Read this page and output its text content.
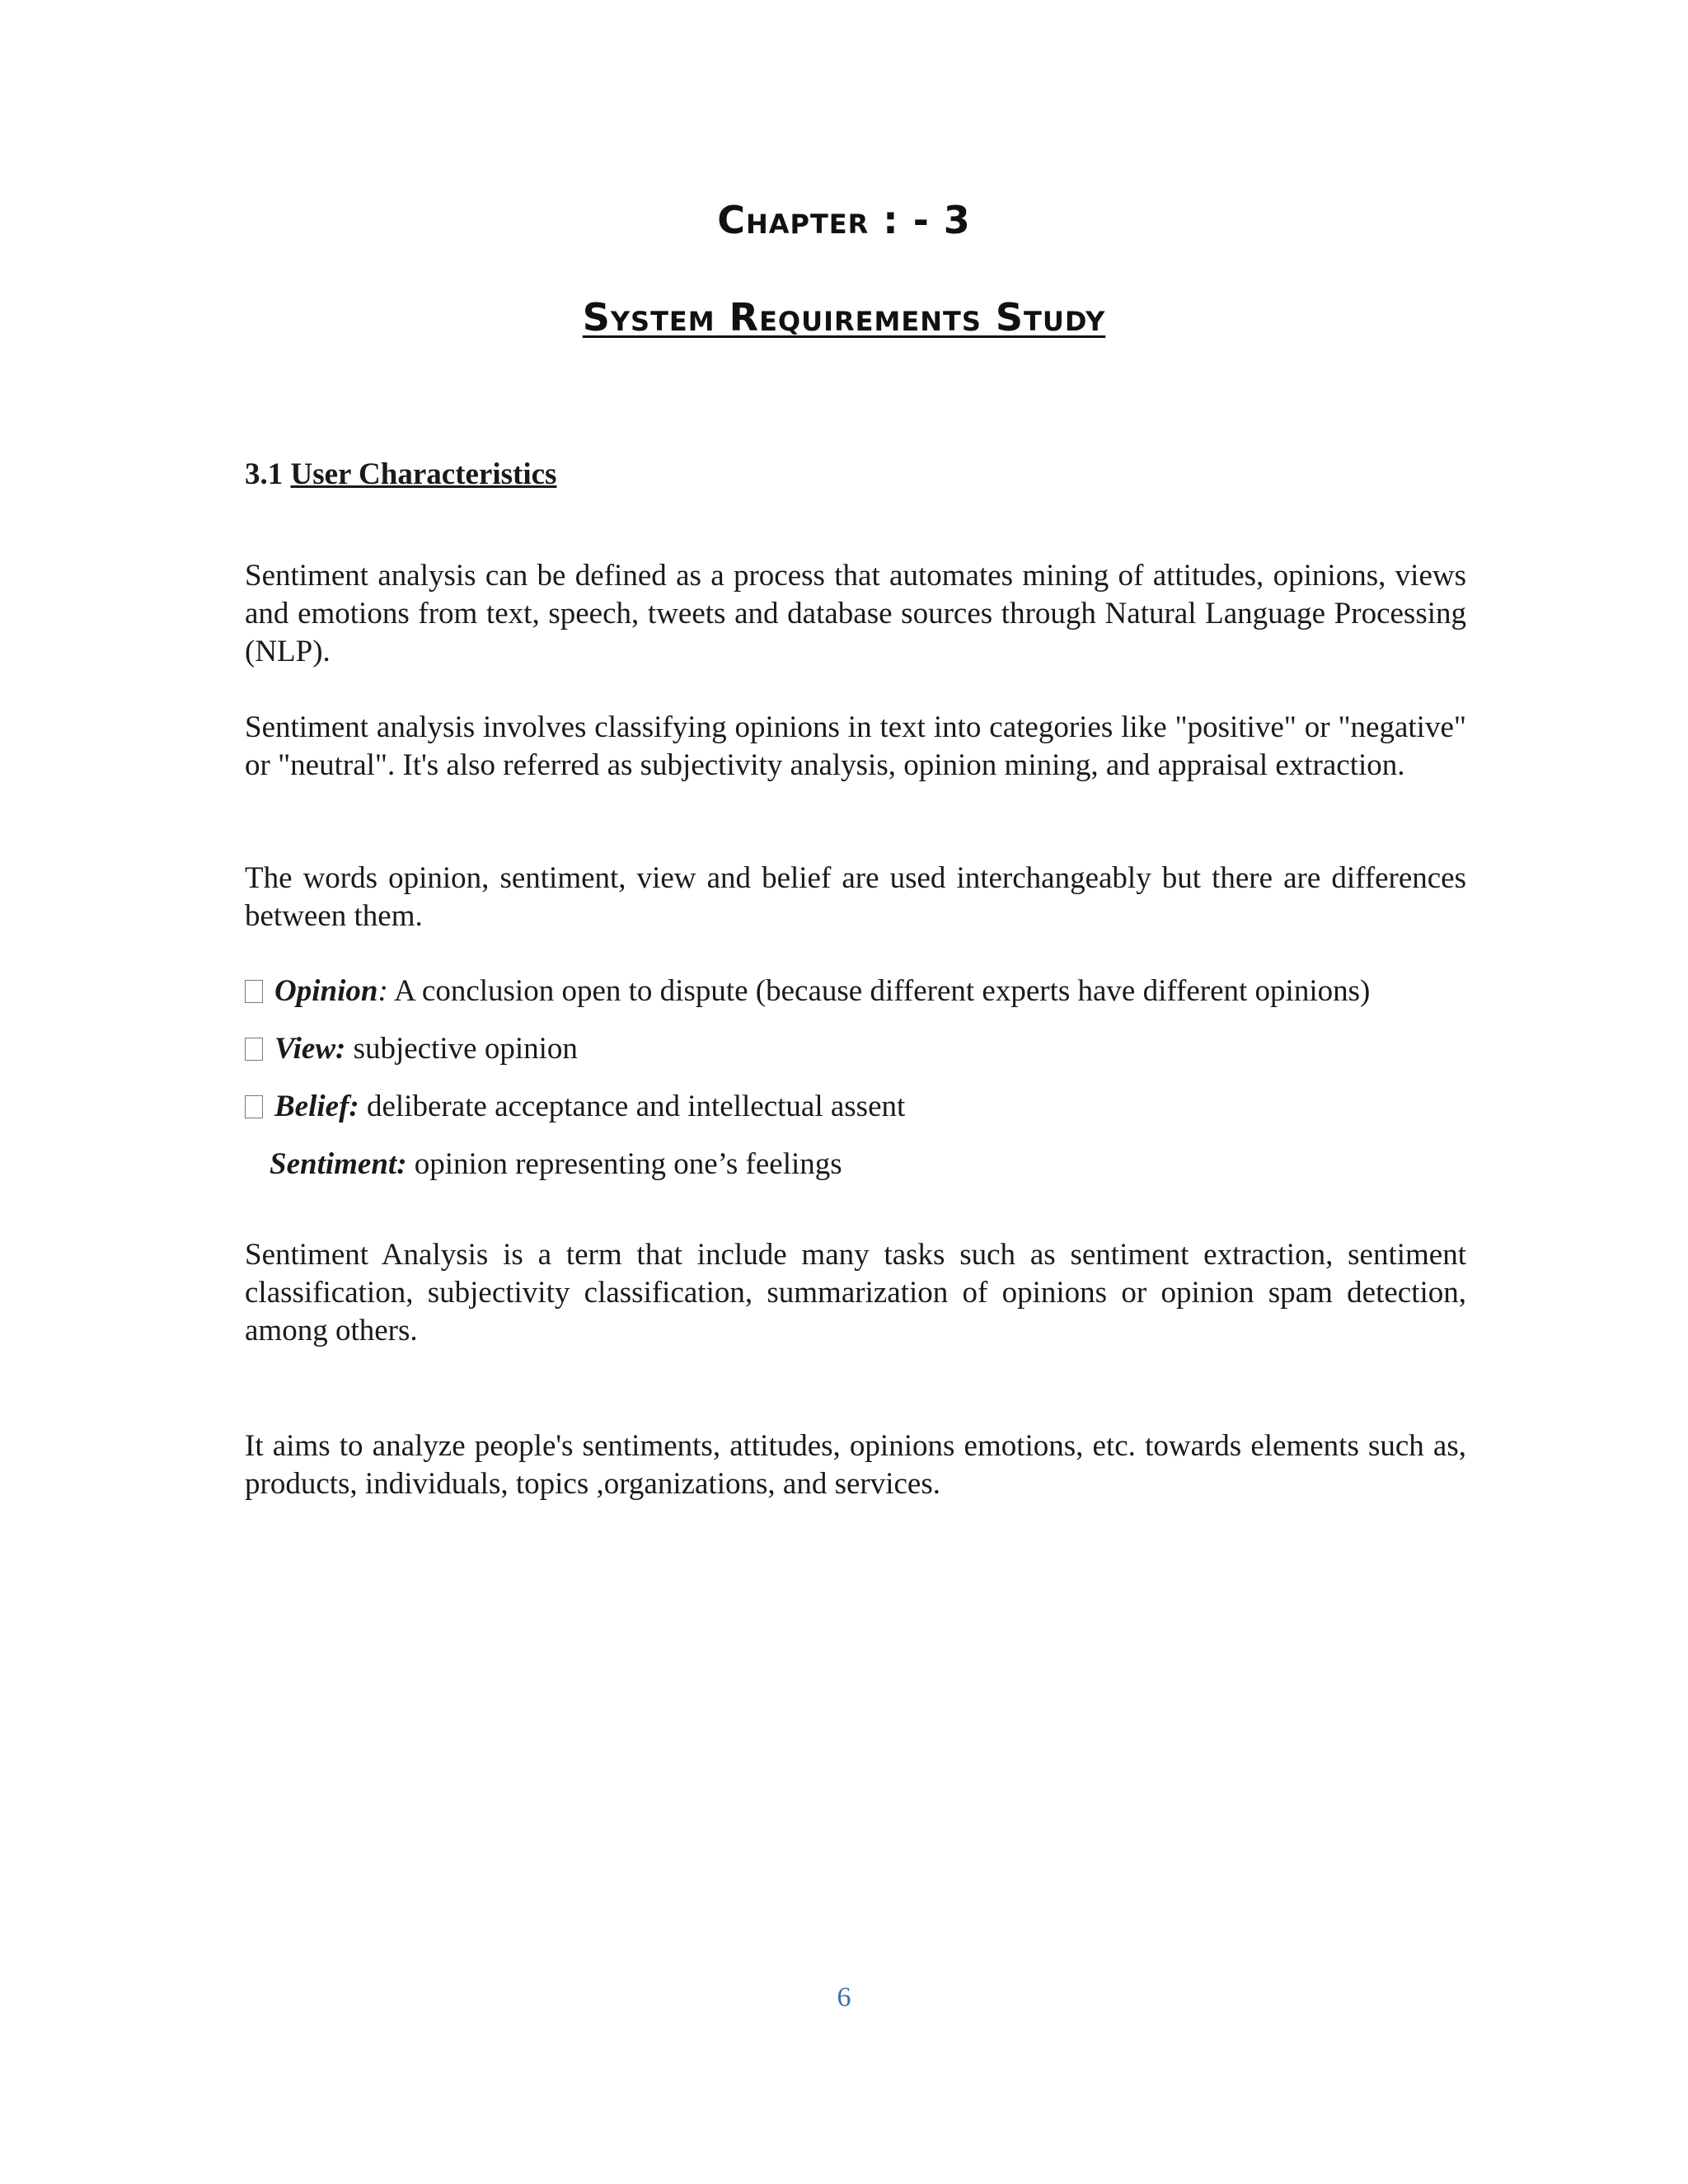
Chapter : - 3
System Requirements Study
3.1 User Characteristics
Sentiment analysis can be defined as a process that automates mining of attitudes, opinions, views and emotions from text, speech, tweets and database sources through Natural Language Processing (NLP).
Sentiment analysis involves classifying opinions in text into categories like "positive" or "negative" or "neutral". It's also referred as subjectivity analysis, opinion mining, and appraisal extraction.
The words opinion, sentiment, view and belief are used interchangeably but there are differences between them.
Opinion: A conclusion open to dispute (because different experts have different opinions)
View: subjective opinion
Belief: deliberate acceptance and intellectual assent
Sentiment: opinion representing one’s feelings
Sentiment Analysis is a term that include many tasks such as sentiment extraction, sentiment classification, subjectivity classification, summarization of opinions or opinion spam detection, among others.
It aims to analyze people's sentiments, attitudes, opinions emotions, etc. towards elements such as, products, individuals, topics ,organizations, and services.
6
